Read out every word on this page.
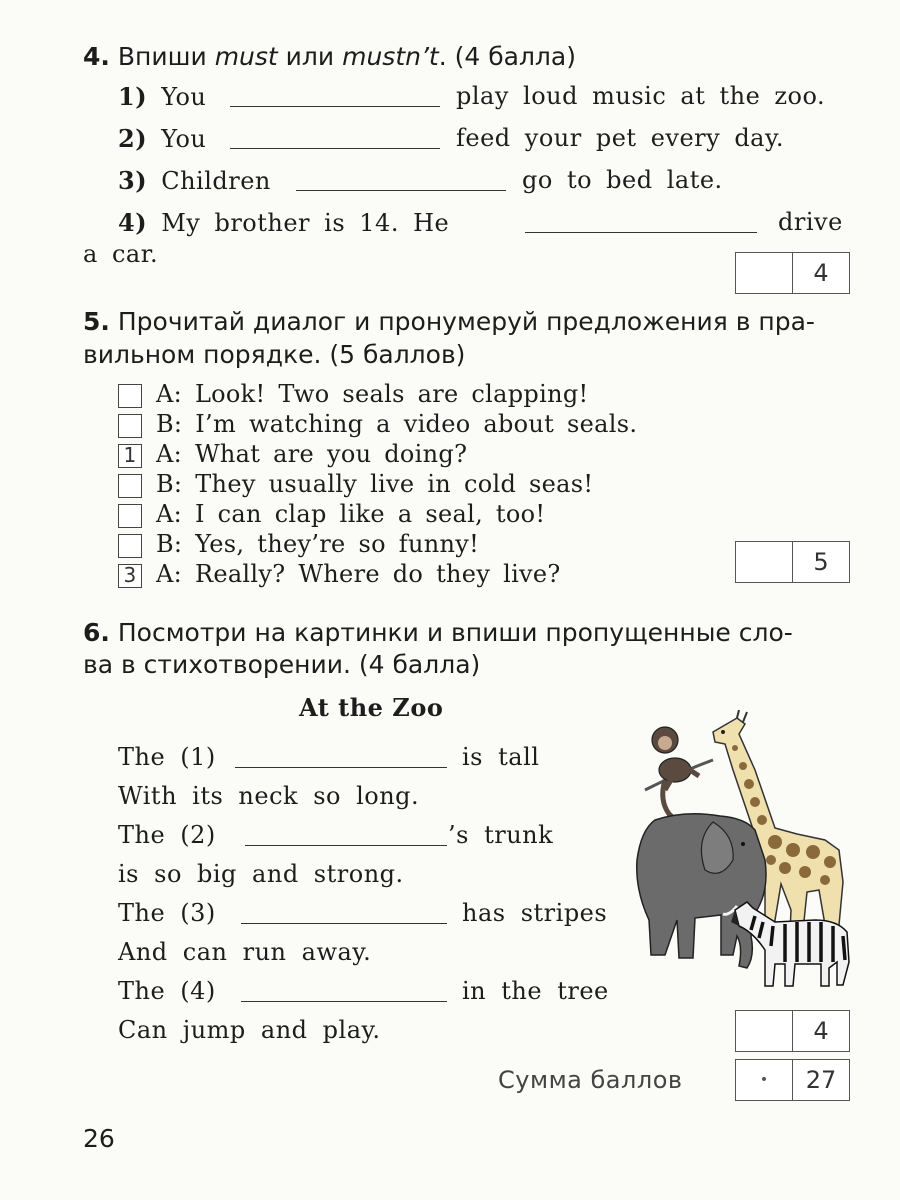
4. Впиши must или mustn’t. (4 балла)
1) You	play loud music at the zoo.
2) You	feed your pet every day.
3) Children	go to bed late.
4) My brother is 14. He	drive
a car.
4
5. Прочитай диалог и пронумеруй предложения в пра-
вильном порядке. (5 баллов)
A: Look! Two seals are clapping!
B: I’m watching a video about seals.
1 A: What are you doing?
B: They usually live in cold seas!
A: I can clap like a seal, too!
B: Yes, they’re so funny!
3 A: Really? Where do they live?	5
6. Посмотри на картинки и впиши пропущенные сло-
ва в стихотворении. (4 балла)
At the Zoo
The (1)	is tall
With its neck so long.
The (2)	’s trunk
is so big and strong.
The (3)	has stripes
And can run away.
The (4)	in the tree
Can jump and play.	4
Сумма баллов	•	27
26
